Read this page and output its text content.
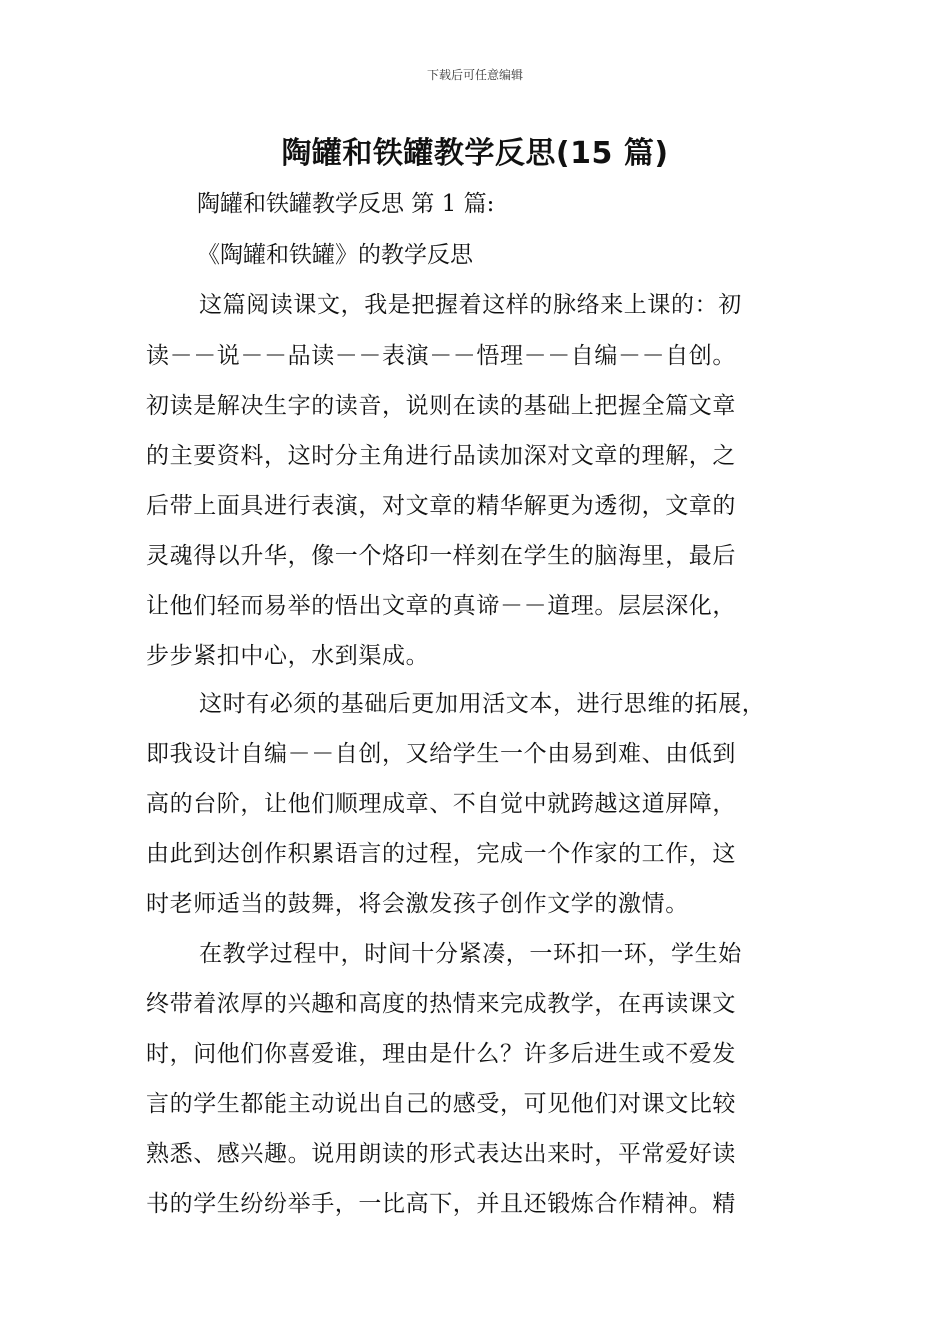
下载后可任意编辑
陶罐和铁罐教学反思(15 篇)
陶罐和铁罐教学反思 第 1 篇:
《陶罐和铁罐》的教学反思
这篇阅读课文，我是把握着这样的脉络来上课的：初
读－－说－－品读－－表演－－悟理－－自编－－自创。
初读是解决生字的读音，说则在读的基础上把握全篇文章
的主要资料，这时分主角进行品读加深对文章的理解，之
后带上面具进行表演，对文章的精华解更为透彻，文章的
灵魂得以升华，像一个烙印一样刻在学生的脑海里，最后
让他们轻而易举的悟出文章的真谛－－道理。层层深化，
步步紧扣中心，水到渠成。
这时有必须的基础后更加用活文本，进行思维的拓展，
即我设计自编－－自创，又给学生一个由易到难、由低到
高的台阶，让他们顺理成章、不自觉中就跨越这道屏障，
由此到达创作积累语言的过程，完成一个作家的工作，这
时老师适当的鼓舞，将会激发孩子创作文学的激情。
在教学过程中，时间十分紧凑，一环扣一环，学生始
终带着浓厚的兴趣和高度的热情来完成教学，在再读课文
时，问他们你喜爱谁，理由是什么？许多后进生或不爱发
言的学生都能主动说出自己的感受，可见他们对课文比较
熟悉、感兴趣。说用朗读的形式表达出来时，平常爱好读
书的学生纷纷举手，一比高下，并且还锻炼合作精神。精
